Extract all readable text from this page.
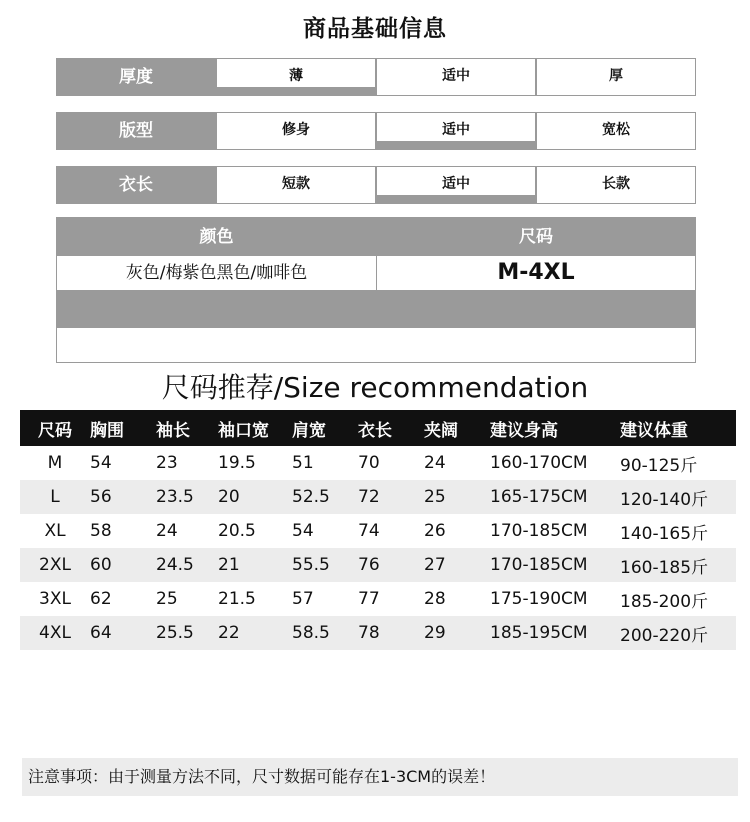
商品基础信息
厚度	薄	适中	厚
版型	修身	适中	宽松
衣长	短款	适中	长款
颜色	尺码
灰色/梅紫色黑色/咖啡色	M-4XL
尺码推荐/Size recommendation
尺码	胸围	袖长	袖口宽	肩宽	衣长	夹阔	建议身高	建议体重
M	54	23	19.5	51	70	24	160-170CM	90-125斤
L	56	23.5	20	52.5	72	25	165-175CM	120-140斤
XL	58	24	20.5	54	74	26	170-185CM	140-165斤
2XL	60	24.5	21	55.5	76	27	170-185CM	160-185斤
3XL	62	25	21.5	57	77	28	175-190CM	185-200斤
4XL	64	25.5	22	58.5	78	29	185-195CM	200-220斤
注意事项：由于测量方法不同，尺寸数据可能存在1-3CM的误差！
